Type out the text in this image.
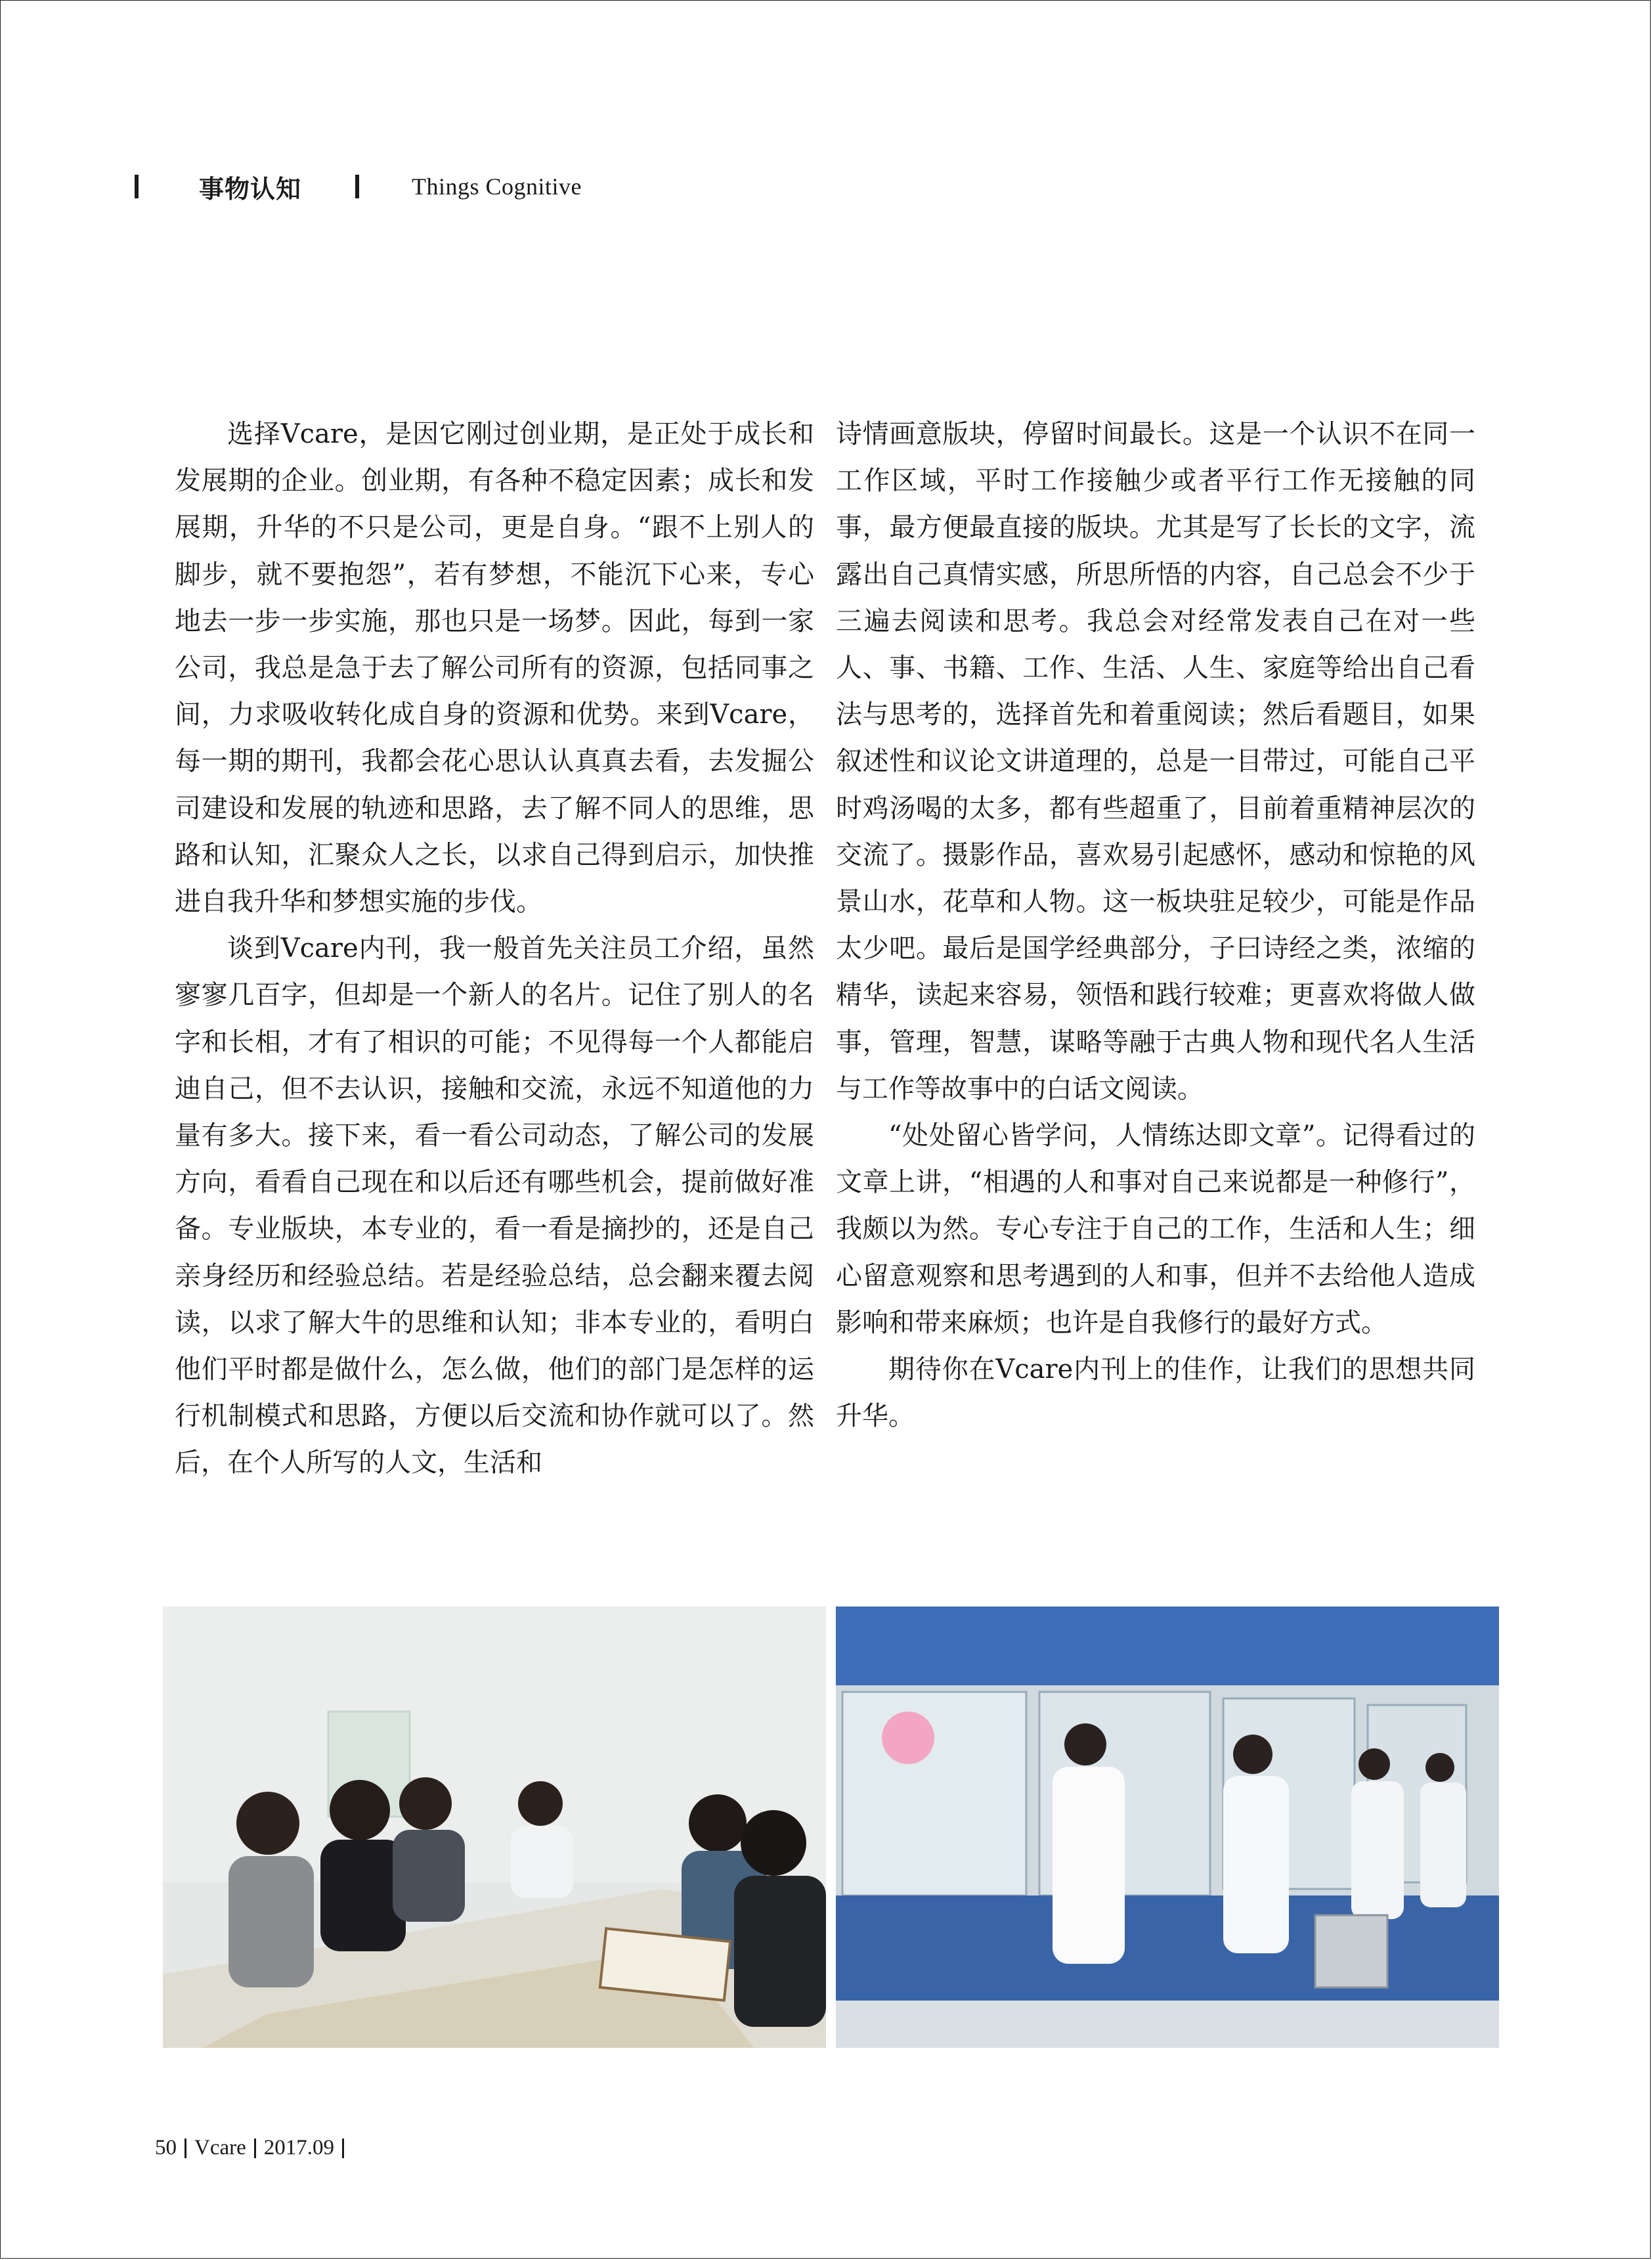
事物认知	Things Cognitive

选择Vcare，是因它刚过创业期，是正处于成长和发展期的企业。创业期，有各种不稳定因素；成长和发展期，升华的不只是公司，更是自身。“跟不上别人的脚步，就不要抱怨”，若有梦想，不能沉下心来，专心地去一步一步实施，那也只是一场梦。因此，每到一家公司，我总是急于去了解公司所有的资源，包括同事之间，力求吸收转化成自身的资源和优势。来到Vcare，每一期的期刊，我都会花心思认认真真去看，去发掘公司建设和发展的轨迹和思路，去了解不同人的思维，思路和认知，汇聚众人之长，以求自己得到启示，加快推进自我升华和梦想实施的步伐。

谈到Vcare内刊，我一般首先关注员工介绍，虽然寥寥几百字，但却是一个新人的名片。记住了别人的名字和长相，才有了相识的可能；不见得每一个人都能启迪自己，但不去认识，接触和交流，永远不知道他的力量有多大。接下来，看一看公司动态，了解公司的发展方向，看看自己现在和以后还有哪些机会，提前做好准备。专业版块，本专业的，看一看是摘抄的，还是自己亲身经历和经验总结。若是经验总结，总会翻来覆去阅读，以求了解大牛的思维和认知；非本专业的，看明白他们平时都是做什么，怎么做，他们的部门是怎样的运行机制模式和思路，方便以后交流和协作就可以了。然后，在个人所写的人文，生活和

诗情画意版块，停留时间最长。这是一个认识不在同一工作区域，平时工作接触少或者平行工作无接触的同事，最方便最直接的版块。尤其是写了长长的文字，流露出自己真情实感，所思所悟的内容，自己总会不少于三遍去阅读和思考。我总会对经常发表自己在对一些人、事、书籍、工作、生活、人生、家庭等给出自己看法与思考的，选择首先和着重阅读；然后看题目，如果叙述性和议论文讲道理的，总是一目带过，可能自己平时鸡汤喝的太多，都有些超重了，目前着重精神层次的交流了。摄影作品，喜欢易引起感怀，感动和惊艳的风景山水，花草和人物。这一板块驻足较少，可能是作品太少吧。最后是国学经典部分，子曰诗经之类，浓缩的精华，读起来容易，领悟和践行较难；更喜欢将做人做事，管理，智慧，谋略等融于古典人物和现代名人生活与工作等故事中的白话文阅读。

“处处留心皆学问，人情练达即文章”。记得看过的文章上讲，“相遇的人和事对自己来说都是一种修行”，我颇以为然。专心专注于自己的工作，生活和人生；细心留意观察和思考遇到的人和事，但并不去给他人造成影响和带来麻烦；也许是自我修行的最好方式。

期待你在Vcare内刊上的佳作，让我们的思想共同升华。

50 Vcare 2017.09
